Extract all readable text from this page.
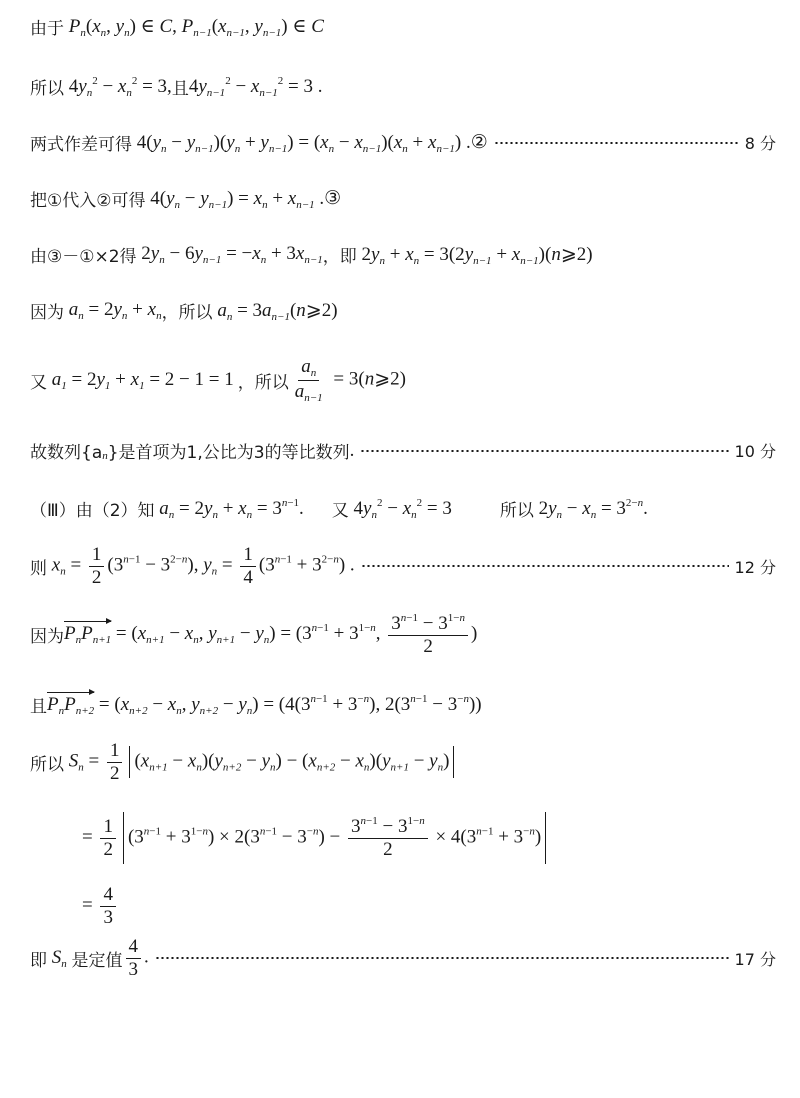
由于 $P_n(x_n$, $y_n$) ∈ C, $P_{n-1}(x_{n-1}$, $y_{n-1}$) ∈ C
所以 $4y_n^2 - x_n^2 = 3$, 且 $4y_{n-1}^2 - x_{n-1}^2 = 3$ .
两式作差可得 $4(y_n - y_{n-1})(y_n + y_{n-1}) = (x_n - x_{n-1})(x_n + x_{n-1})$ .②	8 分
把①代入②可得 $4(y_n - y_{n-1}) = x_n + x_{n-1}$ .③
由③－①×2得 $2y_n - 6y_{n-1} = -x_n + 3x_{n-1}$ ，即 $2y_n + x_n = 3(2y_{n-1}$ + $x_{n-1})(n⩾2)$
因为 $a_n = 2y_n + x_n$ ，所以 $a_n$ = $3a_{n-1}(n⩾2)$
又 $a_1 = 2y_1 + x_1 = 2 - 1 = 1$ ，所以 $\frac{a_n}{a_{n-1}}$ = 3(n⩾2)
故数列{a $_n$ }是首项为1,公比为3的等比数列 .	10 分
（Ⅲ）由（2）知 $a_n = 2y_n + x_n = 3^{n-1}$. 又 $4y_n^2 - x_n^2 = 3$	所以 $2y_n - x_n = 3^{2-n}$.
则 $x_n = \frac{1}{2} (3^{n-1} - 3^{2-n})$, $y_n = \frac{1}{4} (3^{n-1} + 3^{2-n})$ .	12 分
因为 $P_nP_{n+1} = (x_{n+1} - x_n$, $y_{n+1} - y_n) = (3^{n-1} + 3^{1-n}$, $\frac{3^{n-1} - 3^{1-n}}{2}$ )
且 $P_nP_{n+2} = (x_{n+2} - x_n$, $y_{n+2} - y_n) = (4(3^{n-1} + 3^{-n})$, $2(3^{n-1} - 3^{-n})$)
所以 $S_n = \frac{1}{2} (x_{n+1} - x_n)(y_{n+2} - y_n) - (x_{n+2} - x_n)(y_{n+1} - y_n)$
= $\frac{1}{2} (3^{n-1} + 3^{1-n}) \times 2(3^{n-1} - 3^{-n}) - \frac{3^{n-1} - 3^{1-n}}{2} \times 4(3^{n-1} + 3^{-n})$
= $\frac{4}{3}$
即 $S_n$ 是定值 $\frac{4}{3}$ .	17 分
